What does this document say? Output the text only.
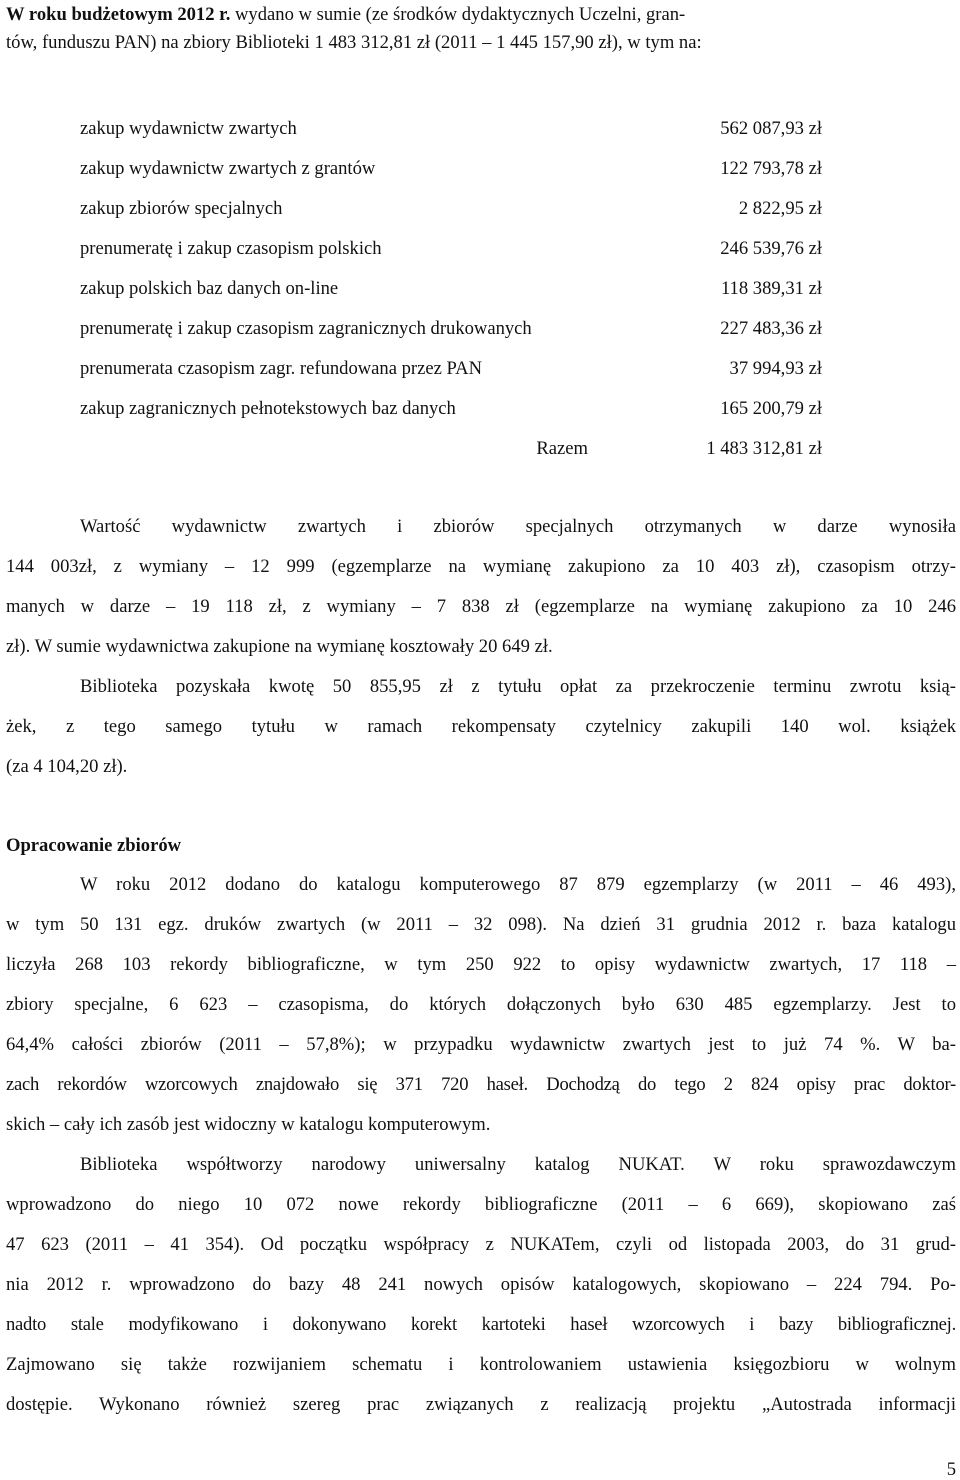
W roku budżetowym 2012 r. wydano w sumie (ze środków dydaktycznych Uczelni, gran-
tów, funduszu PAN) na zbiory Biblioteki 1 483 312,81 zł (2011 – 1 445 157,90 zł), w tym na:
zakup wydawnictw zwartych	562 087,93 zł
zakup wydawnictw zwartych z grantów	122 793,78 zł
zakup zbiorów specjalnych	2 822,95 zł
prenumeratę i zakup czasopism polskich	246 539,76 zł
zakup polskich baz danych on-line	118 389,31 zł
prenumeratę i zakup czasopism zagranicznych drukowanych	227 483,36 zł
prenumerata czasopism zagr. refundowana przez PAN	37 994,93 zł
zakup zagranicznych pełnotekstowych baz danych	165 200,79 zł
Razem	1 483 312,81 zł
Wartość wydawnictw zwartych i zbiorów specjalnych otrzymanych w darze wynosiła
144 003zł, z wymiany – 12 999 (egzemplarze na wymianę zakupiono za 10 403 zł), czasopism otrzy-
manych w darze – 19 118 zł, z wymiany – 7 838 zł (egzemplarze na wymianę zakupiono za 10 246
zł). W sumie wydawnictwa zakupione na wymianę kosztowały 20 649 zł.
Biblioteka pozyskała kwotę 50 855,95 zł z tytułu opłat za przekroczenie terminu zwrotu ksią-
żek, z tego samego tytułu w ramach rekompensaty czytelnicy zakupili 140 wol. książek
(za 4 104,20 zł).
Opracowanie zbiorów
W roku 2012 dodano do katalogu komputerowego 87 879 egzemplarzy (w 2011 – 46 493),
w tym 50 131 egz. druków zwartych (w 2011 – 32 098). Na dzień 31 grudnia 2012 r. baza katalogu
liczyła 268 103 rekordy bibliograficzne, w tym 250 922 to opisy wydawnictw zwartych, 17 118 –
zbiory specjalne, 6 623 – czasopisma, do których dołączonych było 630 485 egzemplarzy. Jest to
64,4% całości zbiorów (2011 – 57,8%); w przypadku wydawnictw zwartych jest to już 74 %. W ba-
zach rekordów wzorcowych znajdowało się 371 720 haseł. Dochodzą do tego 2 824 opisy prac doktor-
skich – cały ich zasób jest widoczny w katalogu komputerowym.
Biblioteka współtworzy narodowy uniwersalny katalog NUKAT. W roku sprawozdawczym
wprowadzono do niego 10 072 nowe rekordy bibliograficzne (2011 – 6 669), skopiowano zaś
47 623 (2011 – 41 354). Od początku współpracy z NUKATem, czyli od listopada 2003, do 31 grud-
nia 2012 r. wprowadzono do bazy 48 241 nowych opisów katalogowych, skopiowano – 224 794. Po-
nadto stale modyfikowano i dokonywano korekt kartoteki haseł wzorcowych i bazy bibliograficznej.
Zajmowano się także rozwijaniem schematu i kontrolowaniem ustawienia księgozbioru w wolnym
dostępie. Wykonano również szereg prac związanych z realizacją projektu „Autostrada informacji
5
